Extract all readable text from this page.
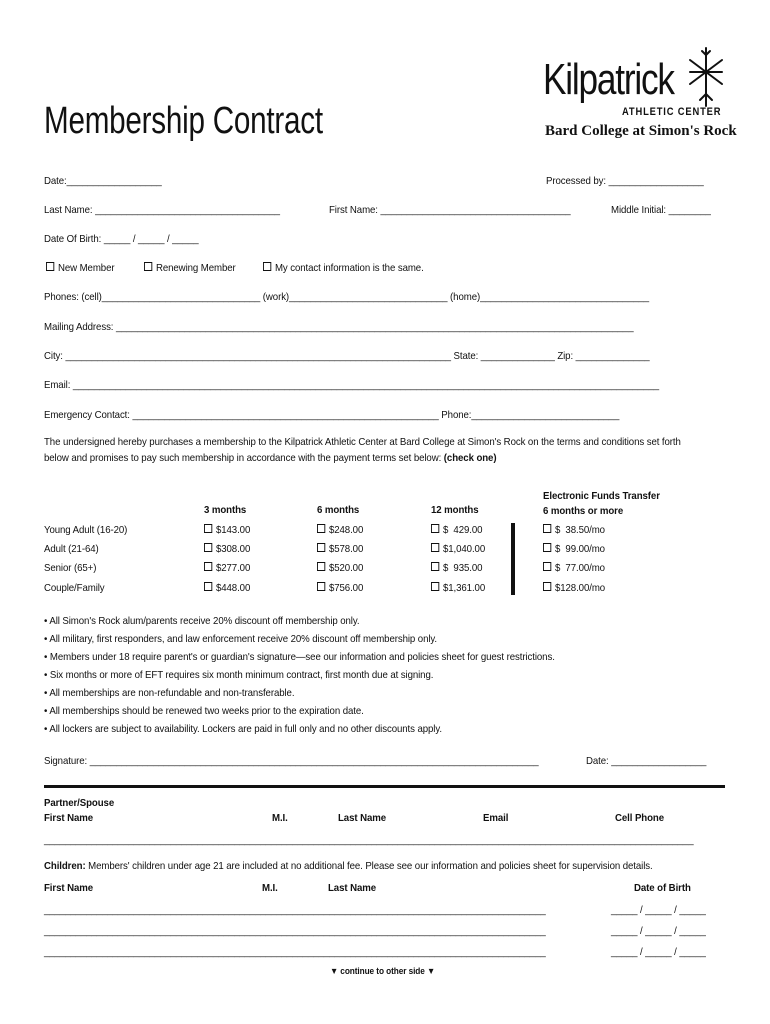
Membership Contract
Kilpatrick
ATHLETIC CENTER
Bard College at Simon's Rock
Date:__________________	Processed by: __________________
Last Name: ___________________________________	First Name: ____________________________________	Middle Initial: ________
Date Of Birth: _____ / _____ / _____
New Member	Renewing Member	My contact information is the same.
Phones: (cell)______________________________ (work)______________________________ (home)________________________________
Mailing Address: __________________________________________________________________________________________________
City: _________________________________________________________________________ State: ______________ Zip: ______________
Email: _______________________________________________________________________________________________________________
Emergency Contact: __________________________________________________________ Phone:____________________________
The undersigned hereby purchases a membership to the Kilpatrick Athletic Center at Bard College at Simon's Rock on the terms and conditions set forth
below and promises to pay such membership in accordance with the payment terms set below: (check one)
3 months	6 months	12 months
Electronic Funds Transfer
6 months or more
Young Adult (16-20)	$143.00	$248.00	$  429.00	$  38.50/mo
Adult (21-64)	$308.00	$578.00	$1,040.00	$  99.00/mo
Senior (65+)	$277.00	$520.00	$  935.00	$  77.00/mo
Couple/Family	$448.00	$756.00	$1,361.00	$128.00/mo
• All Simon's Rock alum/parents receive 20% discount off membership only.
• All military, first responders, and law enforcement receive 20% discount off membership only.
• Members under 18 require parent's or guardian's signature—see our information and policies sheet for guest restrictions.
• Six months or more of EFT requires six month minimum contract, first month due at signing.
• All memberships are non-refundable and non-transferable.
• All memberships should be renewed two weeks prior to the expiration date.
• All lockers are subject to availability. Lockers are paid in full only and no other discounts apply.
Signature: _____________________________________________________________________________________	Date: __________________
Partner/Spouse
First Name	M.I.	Last Name	Email	Cell Phone
___________________________________________________________________________________________________________________________
Children: Members' children under age 21 are included at no additional fee. Please see our information and policies sheet for supervision details.
First Name	M.I.	Last Name	Date of Birth
_______________________________________________________________________________________________	_____ / _____ / _____
_______________________________________________________________________________________________	_____ / _____ / _____
_______________________________________________________________________________________________	_____ / _____ / _____
▼ continue to other side ▼
